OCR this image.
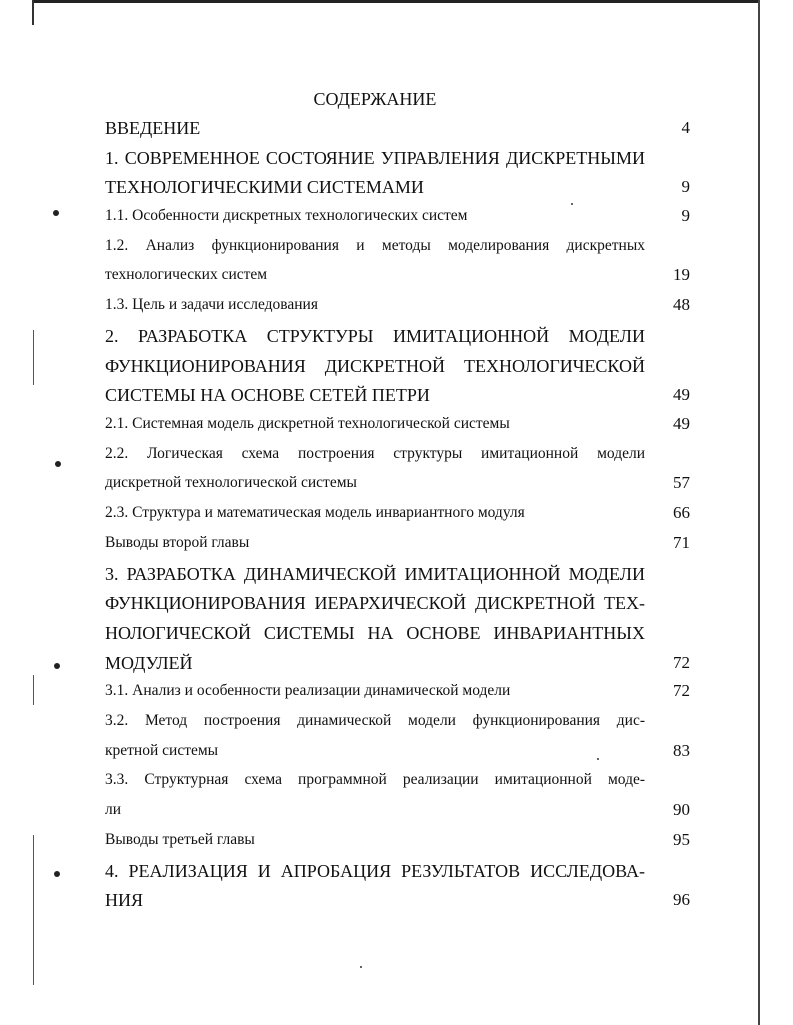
СОДЕРЖАНИЕ
ВВЕДЕНИЕ	4
1. СОВРЕМЕННОЕ СОСТОЯНИЕ УПРАВЛЕНИЯ ДИСКРЕТНЫМИ
ТЕХНОЛОГИЧЕСКИМИ СИСТЕМАМИ	9
1.1. Особенности дискретных технологических систем	9
1.2. Анализ функционирования и методы моделирования дискретных
технологических систем	19
1.3. Цель и задачи исследования	48
2. РАЗРАБОТКА СТРУКТУРЫ ИМИТАЦИОННОЙ МОДЕЛИ
ФУНКЦИОНИРОВАНИЯ ДИСКРЕТНОЙ ТЕХНОЛОГИЧЕСКОЙ
СИСТЕМЫ НА ОСНОВЕ СЕТЕЙ ПЕТРИ	49
2.1. Системная модель дискретной технологической системы	49
2.2. Логическая схема построения структуры имитационной модели
дискретной технологической системы	57
2.3. Структура и математическая модель инвариантного модуля	66
Выводы второй главы	71
3. РАЗРАБОТКА ДИНАМИЧЕСКОЙ ИМИТАЦИОННОЙ МОДЕЛИ
ФУНКЦИОНИРОВАНИЯ ИЕРАРХИЧЕСКОЙ ДИСКРЕТНОЙ ТЕХ-
НОЛОГИЧЕСКОЙ СИСТЕМЫ НА ОСНОВЕ ИНВАРИАНТНЫХ
МОДУЛЕЙ	72
3.1. Анализ и особенности реализации динамической модели	72
3.2. Метод построения динамической модели функционирования дис-
кретной системы	83
3.3. Структурная схема программной реализации имитационной моде-
ли	90
Выводы третьей главы	95
4. РЕАЛИЗАЦИЯ И АПРОБАЦИЯ РЕЗУЛЬТАТОВ ИССЛЕДОВА-
НИЯ	96
